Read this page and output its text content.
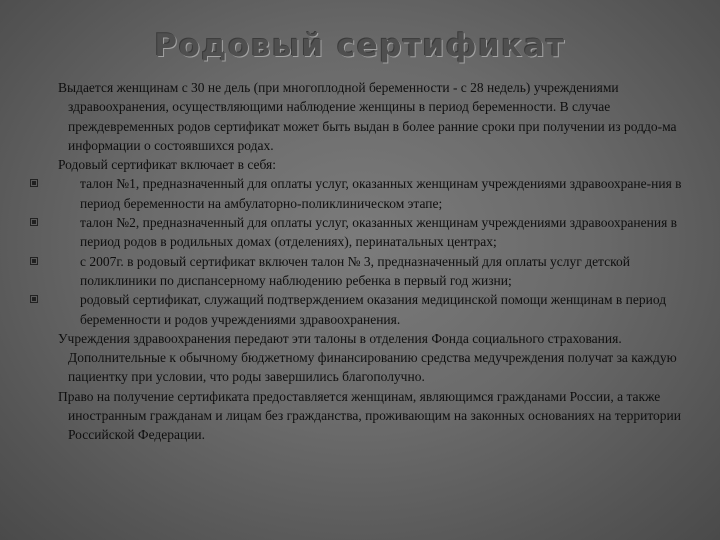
Родовый сертификат

Выдается женщинам с 30 не дель (при многоплодной беременности - с 28 недель) учреждениями здравоохранения, осуществляющими наблюдение женщины в период беременности. В случае преждевременных родов сертификат может быть выдан в более ранние сроки при получении из роддо-ма информации о состоявшихся родах.

Родовый сертификат включает в себя:

талон №1, предназначенный для оплаты услуг, оказанных женщинам учреждениями здравоохране-ния в период беременности на амбулаторно-поликлиническом этапе;

талон №2, предназначенный для оплаты услуг, оказанных женщинам учреждениями здравоохранения в период родов в родильных домах (отделениях), перинатальных центрах;

с 2007г. в родовый сертификат включен талон № 3, предназначенный для оплаты услуг детской поликлиники по диспансерному наблюдению ребенка в первый год жизни;

родовый сертификат, служащий подтверждением оказания медицинской помощи женщинам в период беременности и родов учреждениями здравоохранения.

Учреждения здравоохранения передают эти талоны в отделения Фонда социального страхования. Дополнительные к обычному бюджетному финансированию средства медучреждения получат за каждую пациентку при условии, что роды завершились благополучно.

Право на получение сертификата предоставляется женщинам, являющимся гражданами России, а также иностранным гражданам и лицам без гражданства, проживающим на законных основаниях на территории Российской Федерации.
